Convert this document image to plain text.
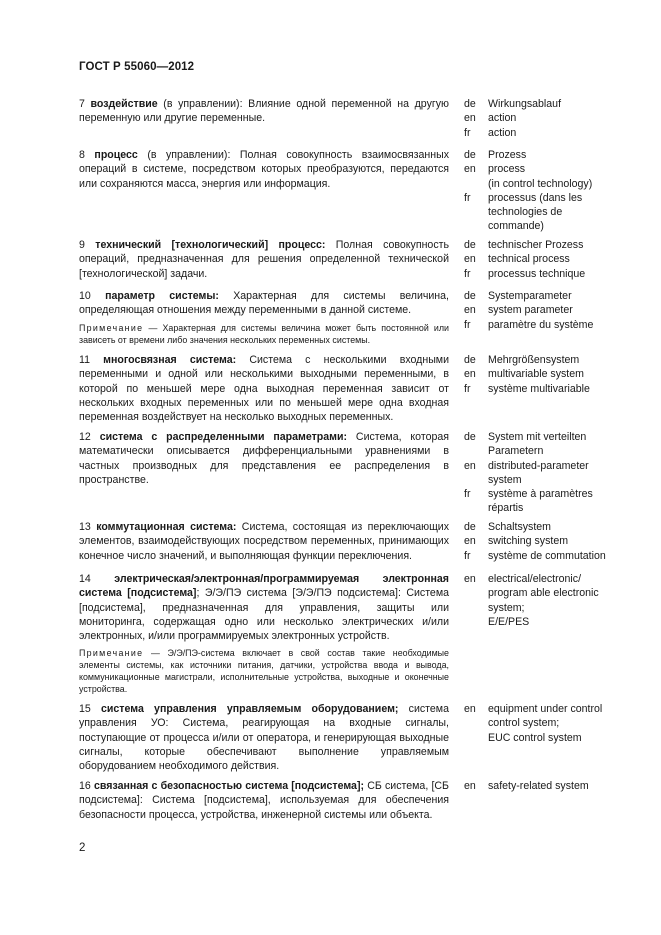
ГОСТ Р 55060—2012
7 воздействие (в управлении): Влияние одной переменной на другую переменную или другие переменные.
de	Wirkungsablauf
en	action
fr	action
8 процесс (в управлении): Полная совокупность взаимосвязанных операций в системе, посредством которых преобразуются, передаются или сохраняются масса, энергия или информация.
de	Prozess
en	process
(in control technology)
fr	processus (dans les
technologies de
commande)
9 технический [технологический] процесс: Полная совокупность операций, предназначенная для решения определенной технической [технологической] задачи.
de	technischer Prozess
en	technical process
fr	processus technique
10 параметр системы: Характерная для системы величина, определяющая отношения между переменными в данной системе.
Примечание — Характерная для системы величина может быть постоянной или зависеть от времени либо значения нескольких переменных системы.
de	Systemparameter
en	system parameter
fr	paramètre du système
11 многосвязная система: Система с несколькими входными переменными и одной или несколькими выходными переменными, в которой по меньшей мере одна выходная переменная зависит от нескольких входных переменных или по меньшей мере одна входная переменная воздействует на несколько выходных переменных.
de	Mehrgrößensystem
en	multivariable system
fr	système multivariable
12 система с распределенными параметрами: Система, которая математически описывается дифференциальными уравнениями в частных производных для представления ее распределения в пространстве.
de	System mit verteilten
Parametern
en	distributed-parameter
system
fr	système à paramètres
répartis
13 коммутационная система: Система, состоящая из переключающих элементов, взаимодействующих посредством переменных, принимающих конечное число значений, и выполняющая функции переключения.
de	Schaltsystem
en	switching system
fr	système de commutation
14 электрическая/электронная/программируемая электронная система [подсистема]; Э/Э/ПЭ система [Э/Э/ПЭ подсистема]: Система [подсистема], предназначенная для управления, защиты или мониторинга, содержащая одно или несколько электрических и/или электронных, и/или программируемых электронных устройств.
Примечание — Э/Э/ПЭ-система включает в свой состав такие необходимые элементы системы, как источники питания, датчики, устройства ввода и вывода, коммуникационные магистрали, исполнительные устройства, выходные и оконечные устройства.
en	electrical/electronic/
program able electronic
system;
E/E/PES
15 система управления управляемым оборудованием; система управления УО: Система, реагирующая на входные сигналы, поступающие от процесса и/или от оператора, и генерирующая выходные сигналы, которые обеспечивают выполнение управляемым оборудованием необходимого действия.
en	equipment under control
control system;
EUC control system
16 связанная с безопасностью система [подсистема]; СБ система, [СБ подсистема]: Система [подсистема], используемая для обеспечения безопасности процесса, устройства, инженерной системы или объекта.
en	safety-related system
2
